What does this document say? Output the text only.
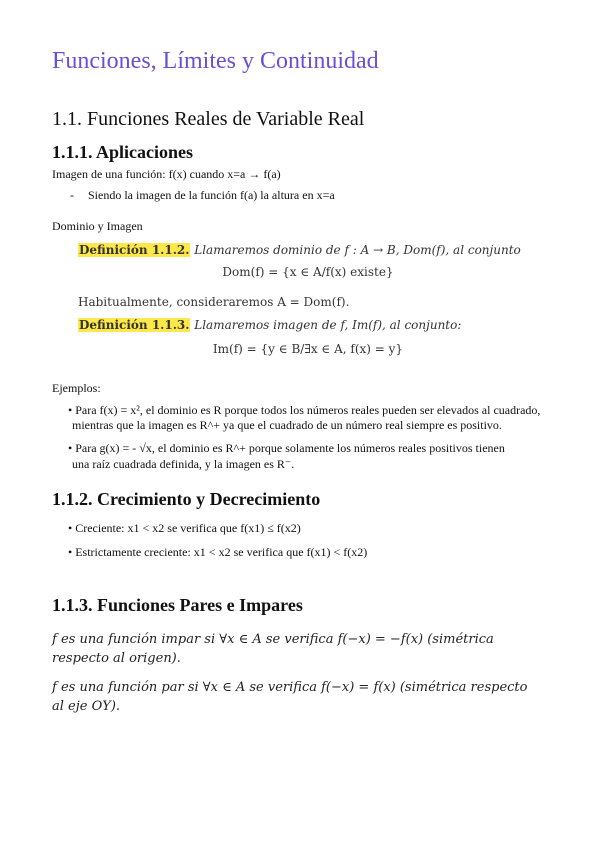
Funciones, Límites y Continuidad
1.1. Funciones Reales de Variable Real
1.1.1. Aplicaciones
Imagen de una función: f(x) cuando x=a → f(a)
- Siendo la imagen de la función f(a) la altura en x=a
Dominio y Imagen
Definición 1.1.2. Llamaremos dominio de f : A → B, Dom(f), al conjunto
Dom(f) = {x ∈ A/f(x) existe}
Habitualmente, consideraremos A = Dom(f).
Definición 1.1.3. Llamaremos imagen de f, Im(f), al conjunto:
Im(f) = {y ∈ B/∃x ∈ A, f(x) = y}
Ejemplos:
• Para f(x) = x², el dominio es R porque todos los números reales pueden ser elevados al cuadrado,
mientras que la imagen es R^+ ya que el cuadrado de un número real siempre es positivo.
• Para g(x) = - √x, el dominio es R^+ porque solamente los números reales positivos tienen
una raíz cuadrada definida, y la imagen es R⁻.
1.1.2. Crecimiento y Decrecimiento
• Creciente: x1 < x2 se verifica que f(x1) ≤ f(x2)
• Estrictamente creciente: x1 < x2 se verifica que f(x1) < f(x2)
1.1.3. Funciones Pares e Impares
f es una función impar si ∀x ∈ A se verifica f(−x) = −f(x) (simétrica
respecto al origen).
f es una función par si ∀x ∈ A se verifica f(−x) = f(x) (simétrica respecto
al eje OY).
